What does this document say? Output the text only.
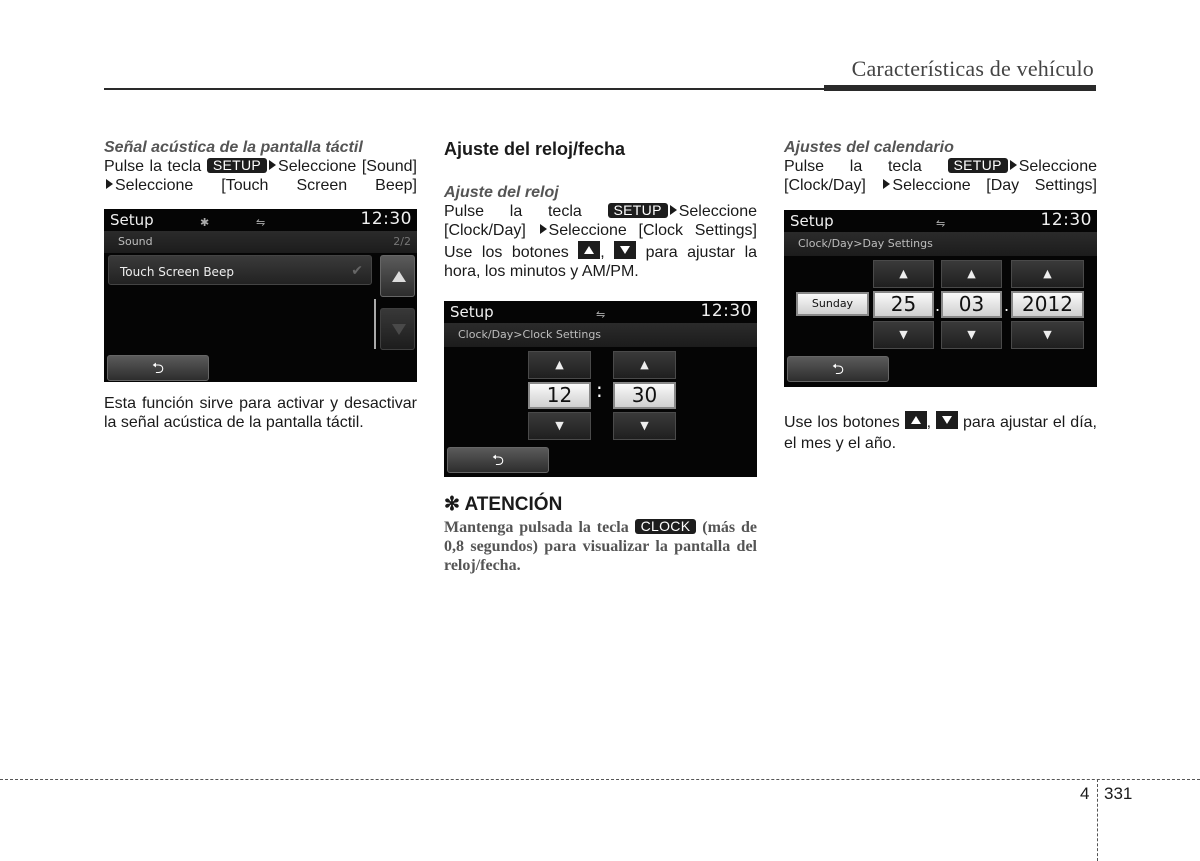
Características de vehículo

Señal acústica de la pantalla táctil

Pulse la tecla SETUP Seleccione [Sound]Seleccione [Touch Screen Beep]

Setup	✱	⇋	12:30
Sound	2/2
Touch Screen Beep	✔
⮌

Esta función sirve para activar y desactivar la señal acústica de la pantalla táctil.

Ajuste del reloj/fecha

Ajuste del reloj

Pulse la tecla SETUP Seleccione [Clock/Day] Seleccione [Clock Settings]

Use los botones ,  para ajustar la hora, los minutos y AM/PM.

Setup	⇋	12:30
Clock/Day>Clock Settings
▲	▲
12	:	30
▼	▼
⮌

✻ ATENCIÓN

Mantenga pulsada la tecla CLOCK (más de 0,8 segundos) para visualizar la pantalla del reloj/fecha.

Ajustes del calendario

Pulse la tecla SETUP Seleccione [Clock/Day] Seleccione [Day Settings]

Setup	⇋	12:30
Clock/Day>Day Settings
▲	▲	▲
Sunday	25	. 03	. 2012
▼	▼	▼
⮌

Use los botones ,  para ajustar el día, el mes y el año.

4 331
